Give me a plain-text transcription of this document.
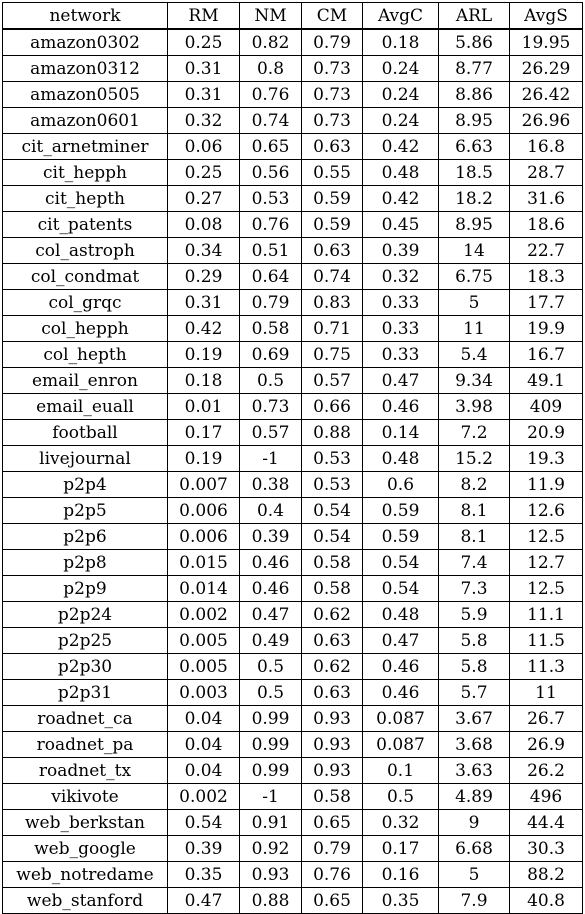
network	RM	NM	CM	AvgC	ARL	AvgS
amazon0302	0.25	0.82	0.79	0.18	5.86	19.95
amazon0312	0.31	0.8	0.73	0.24	8.77	26.29
amazon0505	0.31	0.76	0.73	0.24	8.86	26.42
amazon0601	0.32	0.74	0.73	0.24	8.95	26.96
cit_arnetminer	0.06	0.65	0.63	0.42	6.63	16.8
cit_hepph	0.25	0.56	0.55	0.48	18.5	28.7
cit_hepth	0.27	0.53	0.59	0.42	18.2	31.6
cit_patents	0.08	0.76	0.59	0.45	8.95	18.6
col_astroph	0.34	0.51	0.63	0.39	14	22.7
col_condmat	0.29	0.64	0.74	0.32	6.75	18.3
col_grqc	0.31	0.79	0.83	0.33	5	17.7
col_hepph	0.42	0.58	0.71	0.33	11	19.9
col_hepth	0.19	0.69	0.75	0.33	5.4	16.7
email_enron	0.18	0.5	0.57	0.47	9.34	49.1
email_euall	0.01	0.73	0.66	0.46	3.98	409
football	0.17	0.57	0.88	0.14	7.2	20.9
livejournal	0.19	-1	0.53	0.48	15.2	19.3
p2p4	0.007	0.38	0.53	0.6	8.2	11.9
p2p5	0.006	0.4	0.54	0.59	8.1	12.6
p2p6	0.006	0.39	0.54	0.59	8.1	12.5
p2p8	0.015	0.46	0.58	0.54	7.4	12.7
p2p9	0.014	0.46	0.58	0.54	7.3	12.5
p2p24	0.002	0.47	0.62	0.48	5.9	11.1
p2p25	0.005	0.49	0.63	0.47	5.8	11.5
p2p30	0.005	0.5	0.62	0.46	5.8	11.3
p2p31	0.003	0.5	0.63	0.46	5.7	11
roadnet_ca	0.04	0.99	0.93	0.087	3.67	26.7
roadnet_pa	0.04	0.99	0.93	0.087	3.68	26.9
roadnet_tx	0.04	0.99	0.93	0.1	3.63	26.2
vikivote	0.002	-1	0.58	0.5	4.89	496
web_berkstan	0.54	0.91	0.65	0.32	9	44.4
web_google	0.39	0.92	0.79	0.17	6.68	30.3
web_notredame	0.35	0.93	0.76	0.16	5	88.2
web_stanford	0.47	0.88	0.65	0.35	7.9	40.8
